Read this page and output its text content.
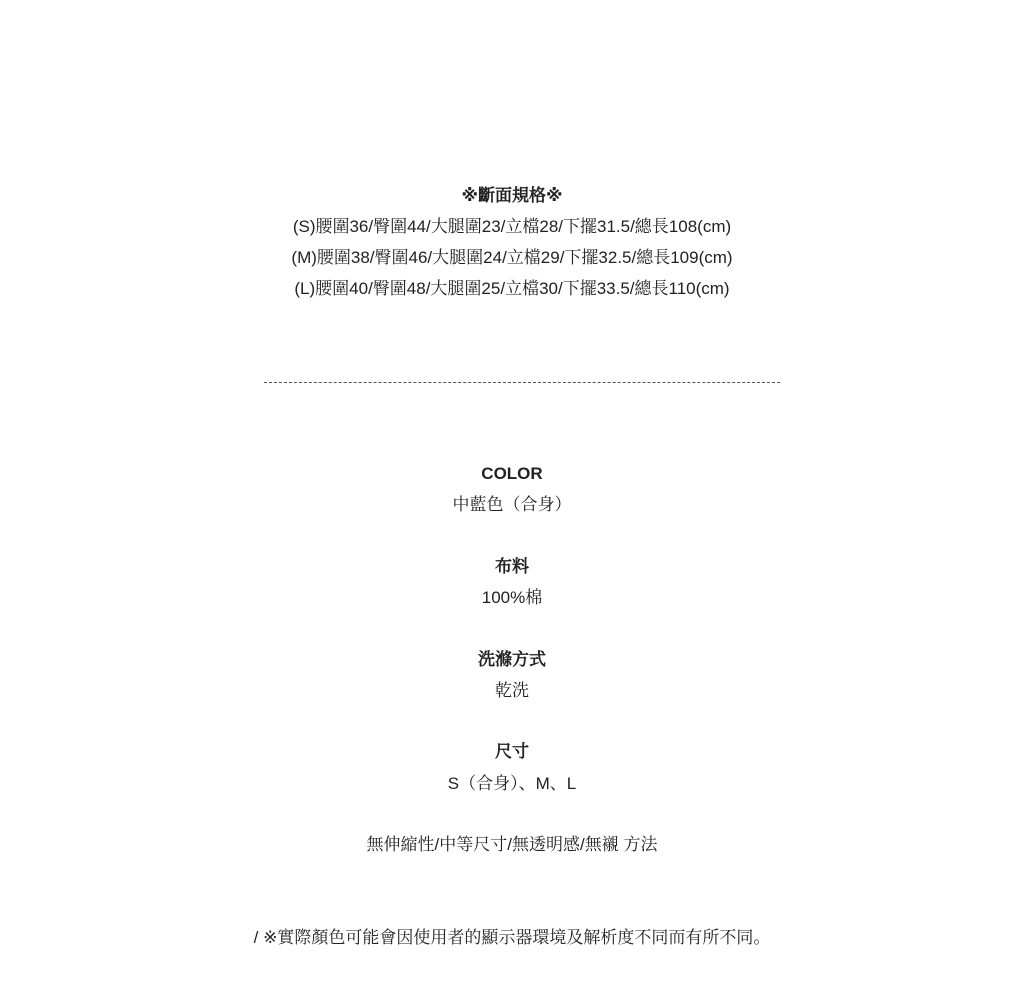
※斷面規格※
(S)腰圍36/臀圍44/大腿圍23/立檔28/下擺31.5/總長108(cm)
(M)腰圍38/臀圍46/大腿圍24/立檔29/下擺32.5/總長109(cm)
(L)腰圍40/臀圍48/大腿圍25/立檔30/下擺33.5/總長110(cm)
COLOR
中藍色（合身）
布料
100%棉
洗滌方式
乾洗
尺寸
S（合身）、M、L
無伸縮性/中等尺寸/無透明感/無襯 方法
/ ※實際顏色可能會因使用者的顯示器環境及解析度不同而有所不同。
